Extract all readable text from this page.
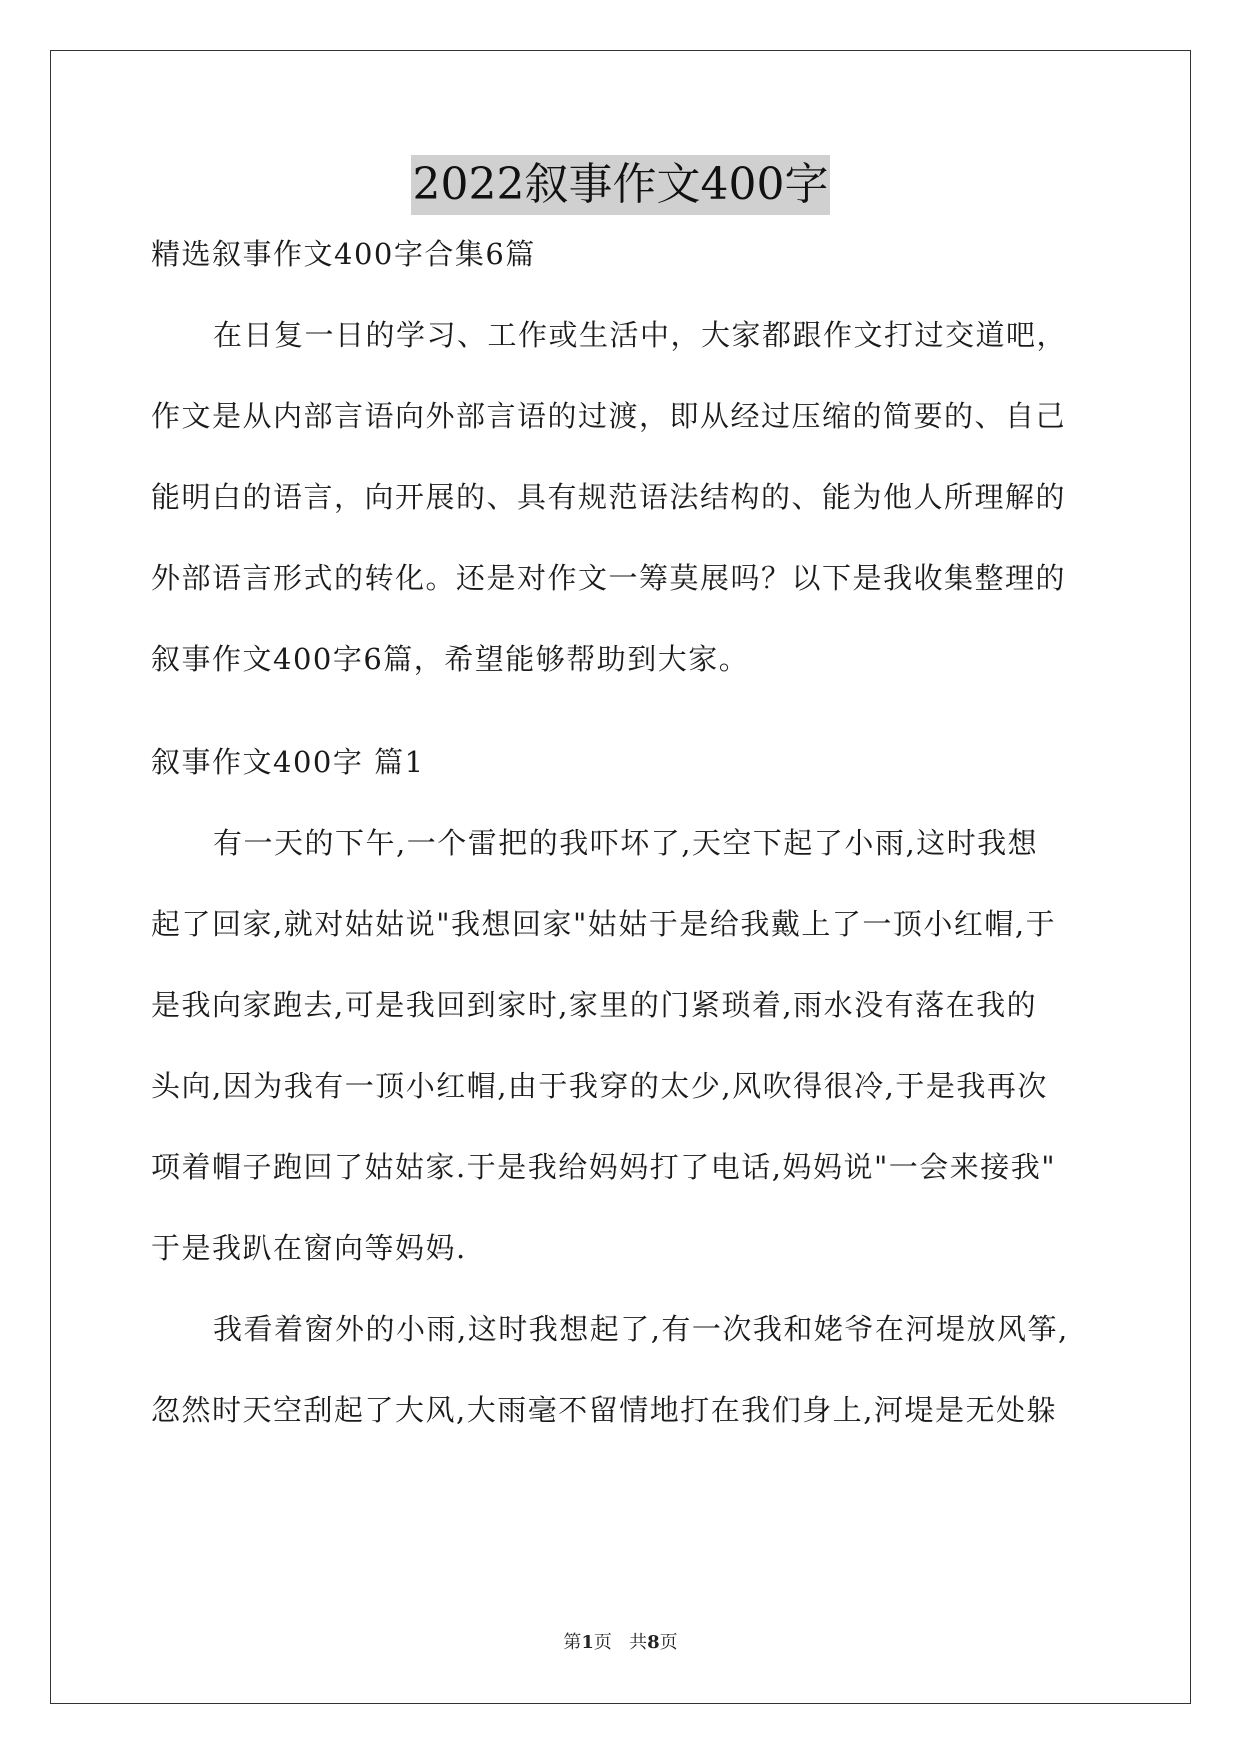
2022叙事作文400字
精选叙事作文400字合集6篇
在日复一日的学习、工作或生活中，大家都跟作文打过交道吧，
作文是从内部言语向外部言语的过渡，即从经过压缩的简要的、自己
能明白的语言，向开展的、具有规范语法结构的、能为他人所理解的
外部语言形式的转化。还是对作文一筹莫展吗？以下是我收集整理的
叙事作文400字6篇，希望能够帮助到大家。
叙事作文400字 篇1
有一天的下午,一个雷把的我吓坏了,天空下起了小雨,这时我想
起了回家,就对姑姑说"我想回家"姑姑于是给我戴上了一顶小红帽,于
是我向家跑去,可是我回到家时,家里的门紧琐着,雨水没有落在我的
头向,因为我有一顶小红帽,由于我穿的太少,风吹得很冷,于是我再次
项着帽子跑回了姑姑家.于是我给妈妈打了电话,妈妈说"一会来接我"
于是我趴在窗向等妈妈.
我看着窗外的小雨,这时我想起了,有一次我和姥爷在河堤放风筝,
忽然时天空刮起了大风,大雨毫不留情地打在我们身上,河堤是无处躲
第1页 共8页
